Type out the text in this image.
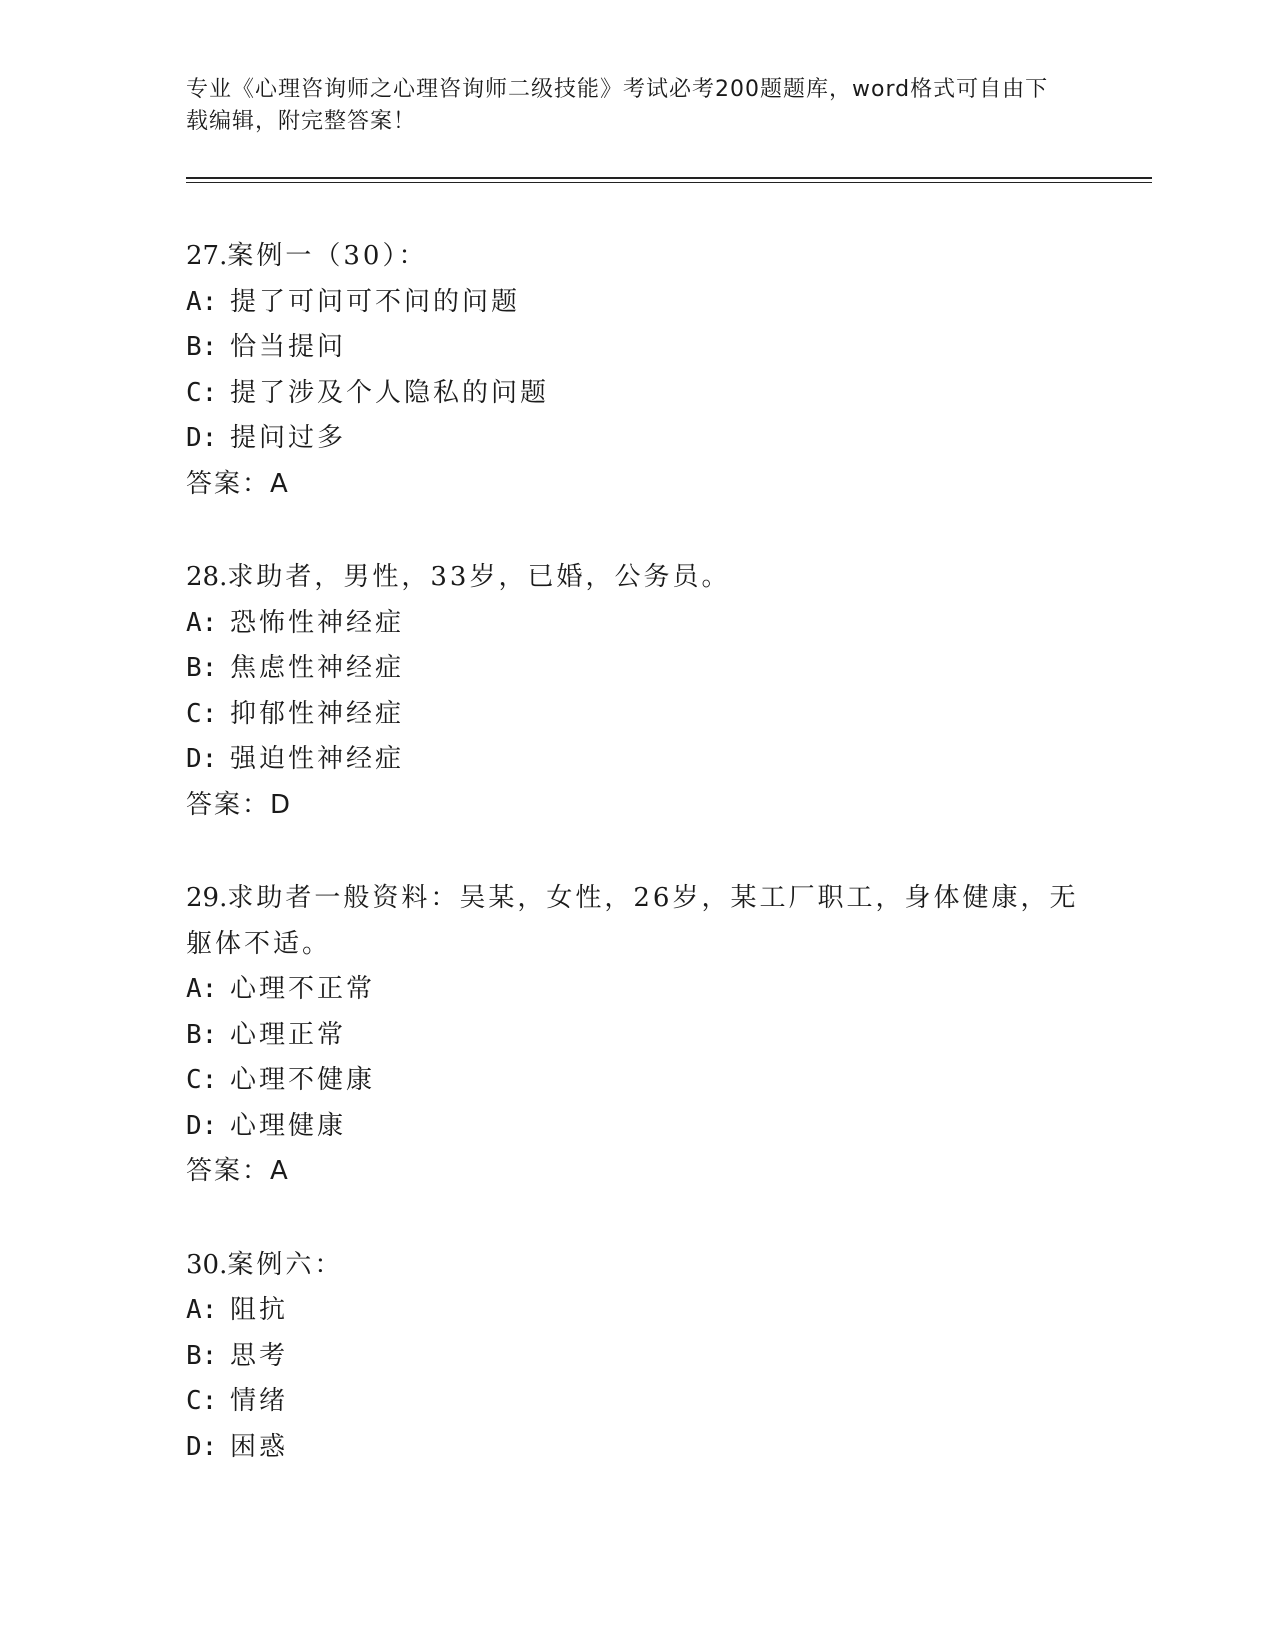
专业《心理咨询师之心理咨询师二级技能》考试必考200题题库，word格式可自由下载编辑，附完整答案！
27.案例一（30）：
A: 提了可问可不问的问题
B: 恰当提问
C: 提了涉及个人隐私的问题
D: 提问过多
答案：A
28.求助者，男性，33岁，已婚，公务员。
A: 恐怖性神经症
B: 焦虑性神经症
C: 抑郁性神经症
D: 强迫性神经症
答案：D
29.求助者一般资料：吴某，女性，26岁，某工厂职工，身体健康，无躯体不适。
A: 心理不正常
B: 心理正常
C: 心理不健康
D: 心理健康
答案：A
30.案例六：
A: 阻抗
B: 思考
C: 情绪
D: 困惑
